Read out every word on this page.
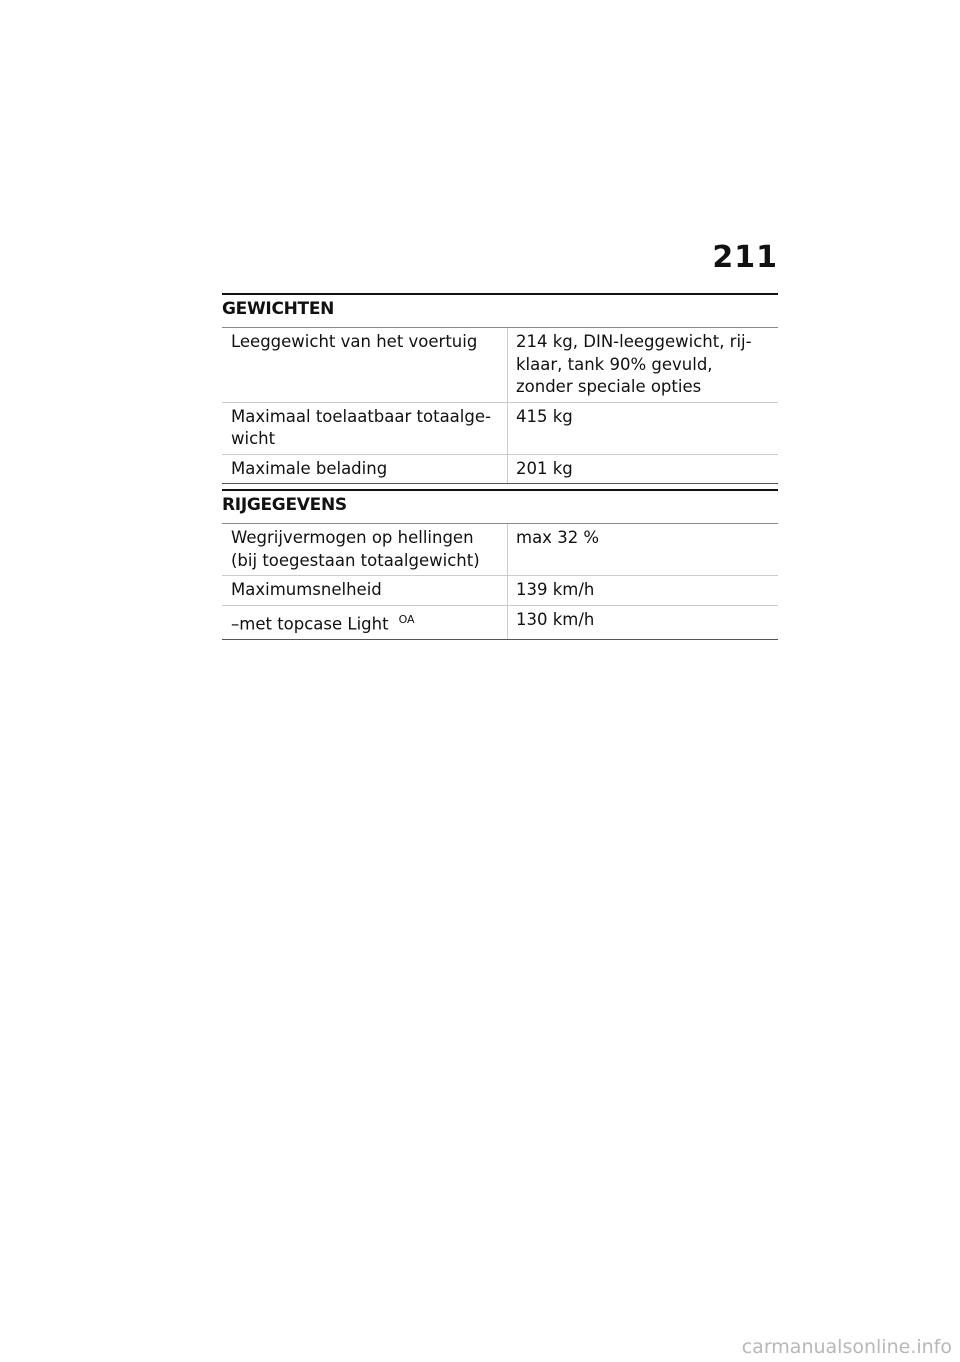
211
GEWICHTEN
Leeggewicht van het voertuig	214 kg, DIN-leeggewicht, rij- klaar, tank 90% gevuld, zonder speciale opties
Maximaal toelaatbaar totaalge- wicht	415 kg
Maximale belading	201 kg
RIJGEGEVENS
Wegrijvermogen op hellingen (bij toegestaan totaalgewicht)	max 32 %
Maximumsnelheid	139 km/h
–met topcase Light $^{OA}$	130 km/h
carmanualsonline.info
